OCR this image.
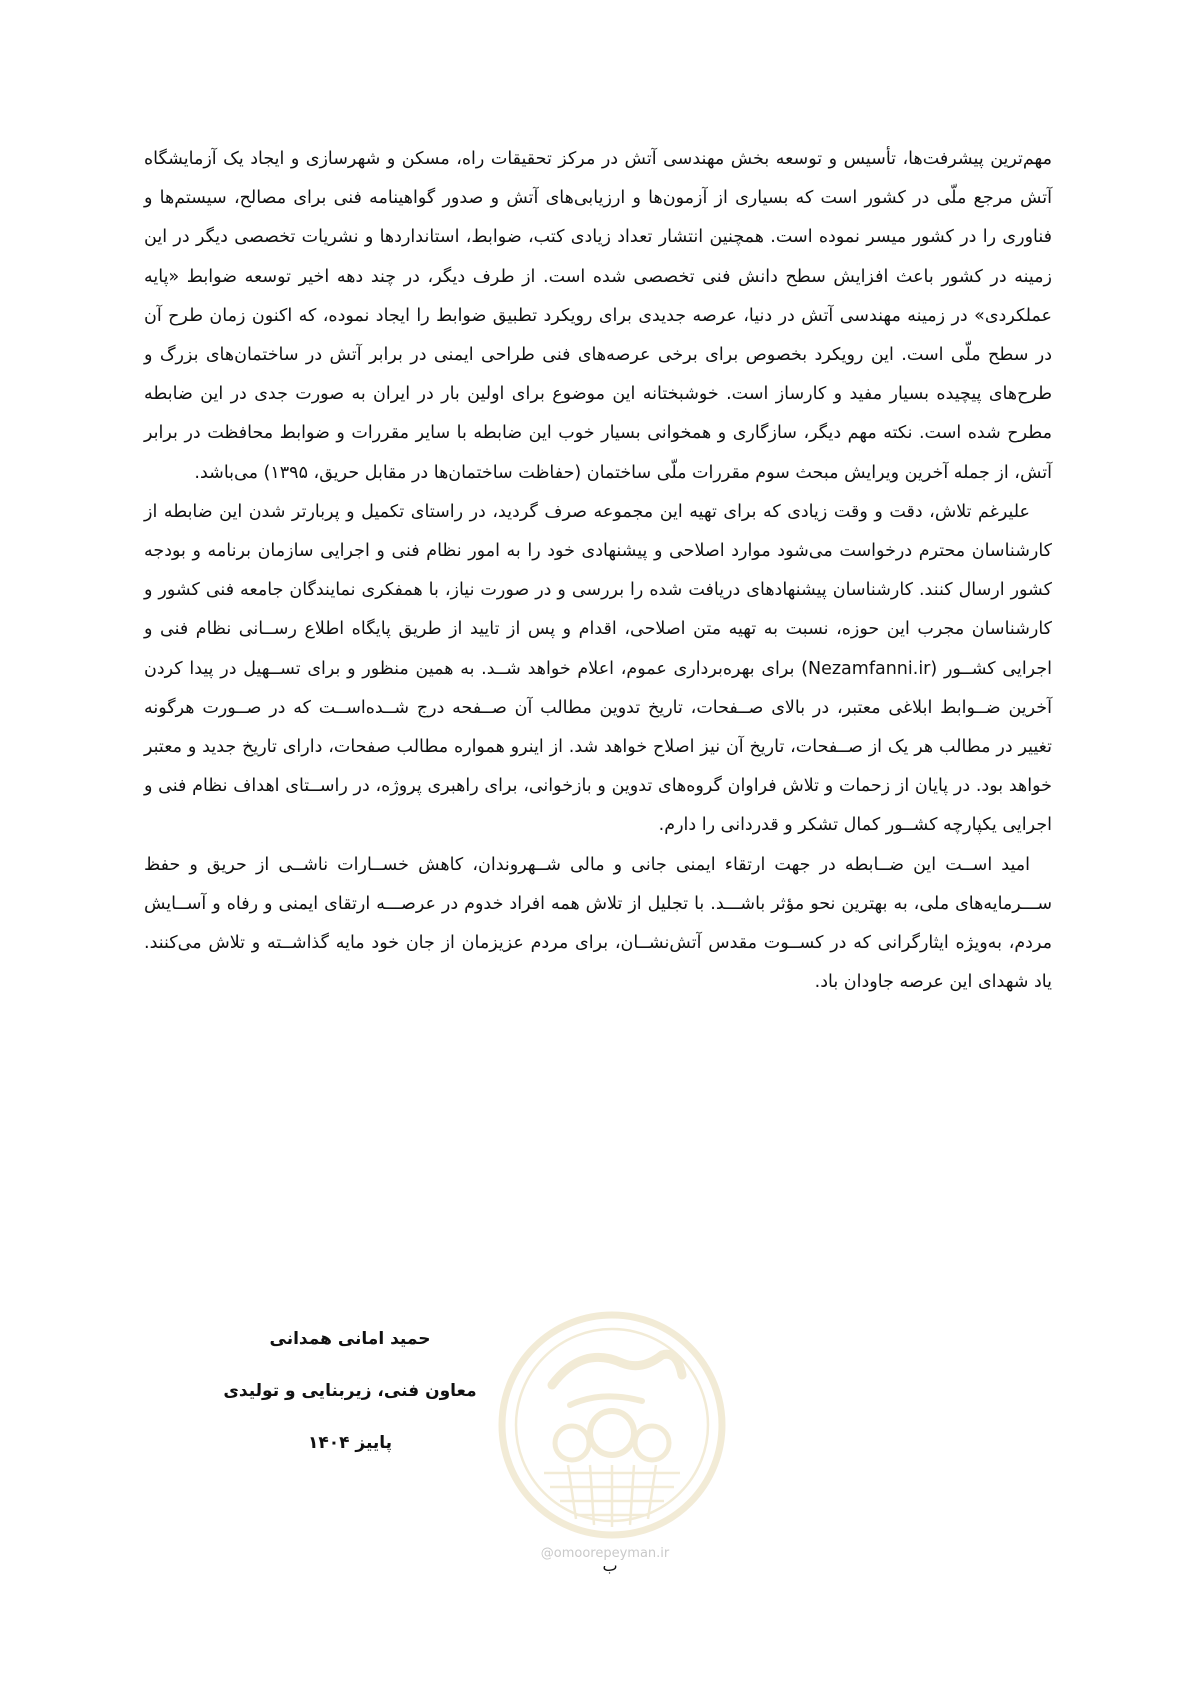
مهم‌ترین پیشرفت‌ها، تأسیس و توسعه بخش مهندسی آتش در مرکز تحقیقات راه، مسکن و شهرسازی و ایجاد یک آزمایشگاه آتش مرجع ملّی در کشور است که بسیاری از آزمون‌ها و ارزیابی‌های آتش و صدور گواهینامه فنی برای مصالح، سیستم‌ها و فناوری را در کشور میسر نموده است. همچنین انتشار تعداد زیادی کتب، ضوابط، استانداردها و نشریات تخصصی دیگر در این زمینه در کشور باعث افزایش سطح دانش فنی تخصصی شده است. از طرف دیگر، در چند دهه اخیر توسعه ضوابط «پایه عملکردی» در زمینه مهندسی آتش در دنیا، عرصه جدیدی برای رویکرد تطبیق ضوابط را ایجاد نموده، که اکنون زمان طرح آن در سطح ملّی است. این رویکرد بخصوص برای برخی عرصه‌های فنی طراحی ایمنی در برابر آتش در ساختمان‌های بزرگ و طرح‌های پیچیده بسیار مفید و کارساز است. خوشبختانه این موضوع برای اولین بار در ایران به صورت جدی در این ضابطه مطرح شده است. نکته مهم دیگر، سازگاری و همخوانی بسیار خوب این ضابطه با سایر مقررات و ضوابط محافظت در برابر آتش، از جمله آخرین ویرایش مبحث سوم مقررات ملّی ساختمان (حفاظت ساختمان‌ها در مقابل حریق، ۱۳۹۵) می‌باشد.

علیرغم تلاش، دقت و وقت زیادی که برای تهیه این مجموعه صرف گردید، در راستای تکمیل و پربارتر شدن این ضابطه از کارشناسان محترم درخواست می‌شود موارد اصلاحی و پیشنهادی خود را به امور نظام فنی و اجرایی سازمان برنامه و بودجه کشور ارسال کنند. کارشناسان پیشنهادهای دریافت شده را بررسی و در صورت نیاز، با همفکری نمایندگان جامعه فنی کشور و کارشناسان مجرب این حوزه، نسبت به تهیه متن اصلاحی، اقدام و پس از تایید از طریق پایگاه اطلاع رســانی نظام فنی و اجرایی کشــور (Nezamfanni.ir) برای بهره‌برداری عموم، اعلام خواهد شــد. به همین منظور و برای تســهیل در پیدا کردن آخرین ضــوابط ابلاغی معتبر، در بالای صــفحات، تاریخ تدوین مطالب آن صــفحه درج شــده‌اســت که در صــورت هرگونه تغییر در مطالب هر یک از صــفحات، تاریخ آن نیز اصلاح خواهد شد. از اینرو همواره مطالب صفحات، دارای تاریخ جدید و معتبر خواهد بود. در پایان از زحمات و تلاش فراوان گروه‌های تدوین و بازخوانی، برای راهبری پروژه، در راســتای اهداف نظام فنی و اجرایی یکپارچه کشــور کمال تشکر و قدردانی را دارم.

امید اســت این ضــابطه در جهت ارتقاء ایمنی جانی و مالی شــهروندان، کاهش خســارات ناشــی از حریق و حفظ ســـرمایه‌های ملی، به بهترین نحو مؤثر باشـــد. با تجلیل از تلاش همه افراد خدوم در عرصـــه ارتقای ایمنی و رفاه و آســایش مردم، به‌ویژه ایثارگرانی که در کســوت مقدس آتش‌نشــان، برای مردم عزیزمان از جان خود مایه گذاشــته و تلاش می‌کنند. یاد شهدای این عرصه جاودان باد.

حمید امانی همدانی
معاون فنی، زیربنایی و تولیدی
پاییز ۱۴۰۴
@omoorepeyman.ir
ب
